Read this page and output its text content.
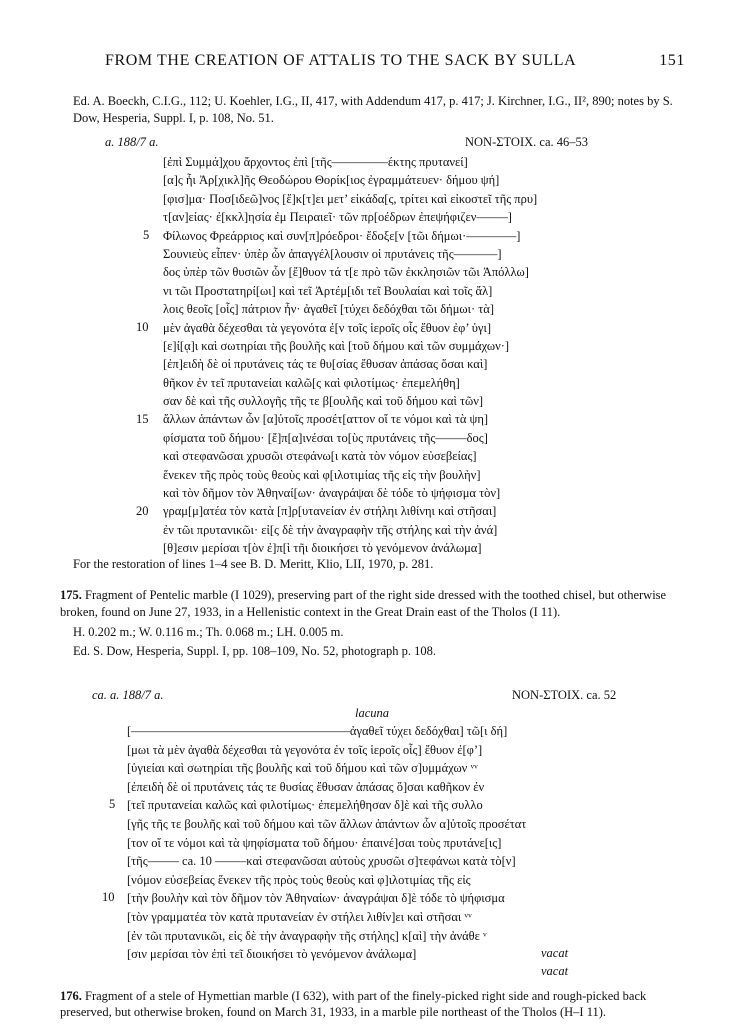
FROM THE CREATION OF ATTALIS TO THE SACK BY SULLA	151
Ed. A. Boeckh, C.I.G., 112; U. Koehler, I.G., II, 417, with Addendum 417, p. 417; J. Kirchner, I.G., II², 890; notes by S. Dow, Hesperia, Suppl. I, p. 108, No. 51.
a. 188/7 a.	ΝΟΝ-ΣΤΟΙΧ. ca. 46–53
[ἐπὶ Συμμά]χου ἄρχοντος ἐπὶ [τῆς–––––––––έκτης πρυτανεί]
[α]ς ἧι Ἀρ[χικλ]ῆς Θεοδώρου Θορίκ[ιος ἐγραμμάτευεν· δήμου ψή]
[φισ]μα· Ποσ[ιδεῶ]νος [ἕ]κ[τ]ει μετ’ εἰκάδα[ς, τρίτει καὶ εἰκοστεῖ τῆς πρυ]
τ[αν]είας· ἐ[κκλ]ησία ἐμ Πειραιεῖ· τῶν πρ[οέδρων ἐπεψήφιζεν–––––]
Φίλωνος Φρεάρριος καὶ συν[π]ρόεδροι· ἔδοξε[ν [τῶι δήμωι·––––––––]
Σουνιεὺς εἶπεν· ὑπὲρ ὧν ἀπαγγέλ[λουσιν οἱ πρυτάνεις τῆς–––––––]
δος ὑπὲρ τῶν θυσιῶν ὧν [ἔ]θυον τά τ[ε πρὸ τῶν ἐκκλησιῶν τῶι Ἀπόλλω]
νι τῶι Προστατηρί[ωι] καὶ τεῖ Ἀρτέμ[ιδι τεῖ Βουλαίαι καὶ τοῖς ἄλ]
λοις θεοῖς [οἷς] πάτριον ἦν· ἀγαθεῖ [τύχει δεδόχθαι τῶι δήμωι· τὰ]
μὲν ἀγαθὰ δέχεσθαι τὰ γεγονότα ἐ[ν τοῖς ἱεροῖς οἷς ἔθυον ἐφ’ ὑγι]
[ε]ί[ᾳ]ι καὶ σωτηρίαι τῆς βουλῆς καὶ [τοῦ δήμου καὶ τῶν συμμάχων·]
[ἐπ]ειδὴ δὲ οἱ πρυτάνεις τάς τε θυ[σίας ἔθυσαν ἁπάσας ὅσαι καὶ]
θῆκον ἐν τεῖ πρυτανείαι καλῶ[ς καὶ φιλοτίμως· ἐπεμελήθη]
σαν δὲ καὶ τῆς συλλογῆς τῆς τε β[ουλῆς καὶ τοῦ δήμου καὶ τῶν]
ἄλλων ἁπάντων ὧν [α]ὐτοῖς προσέτ[αττον οἵ τε νόμοι καὶ τὰ ψη]
φίσματα τοῦ δήμου· [ἔ]π[α]ινέσαι το[ὺς πρυτάνεις τῆς–––––δος]
καὶ στεφανῶσαι χρυσῶι στεφάνω[ι κατὰ τὸν νόμον εὐσεβείας]
ἕνεκεν τῆς πρὸς τοὺς θεοὺς καὶ φ[ιλοτιμίας τῆς εἰς τὴν βουλὴν]
καὶ τὸν δῆμον τὸν Ἀθηναί[ων· ἀναγράψαι δὲ τόδε τὸ ψήφισμα τὸν]
γραμ[μ]ατέα τὸν κατὰ [π]ρ[υτανείαν ἐν στήληι λιθίνηι καὶ στῆσαι]
ἐν τῶι πρυτανικῶι· εἰ[ς δὲ τὴν ἀναγραφὴν τῆς στήλης καὶ τὴν ἀνά]
[θ]εσιν μερίσαι τ[ὸν ἐ]π[ὶ τῆι διοικήσει τὸ γενόμενον ἀνάλωμα]
5
10
15
20
For the restoration of lines 1–4 see B. D. Meritt, Klio, LII, 1970, p. 281.
175. Fragment of Pentelic marble (I 1029), preserving part of the right side dressed with the toothed chisel, but otherwise broken, found on June 27, 1933, in a Hellenistic context in the Great Drain east of the Tholos (I 11).
H. 0.202 m.; W. 0.116 m.; Th. 0.068 m.; LH. 0.005 m.
Ed. S. Dow, Hesperia, Suppl. I, pp. 108–109, No. 52, photograph p. 108.
ca. a. 188/7 a.	ΝΟΝ-ΣΤΟΙΧ. ca. 52
lacuna
[–––––––––––––––––––––––––––––––––––ἀγαθεῖ τύχει δεδόχθαι] τῶ[ι δή]
[μωι τὰ μὲν ἀγαθὰ δέχεσθαι τὰ γεγονότα ἐν τοῖς ἱεροῖς οἷς] ἔθυον ἐ[φ’]
[ὑγιείαι καὶ σωτηρίαι τῆς βουλῆς καὶ τοῦ δήμου καὶ τῶν σ]υμμάχων ᵛᵛ
[ἐπειδὴ δὲ οἱ πρυτάνεις τάς τε θυσίας ἔθυσαν ἁπάσας ὅ]σαι καθῆκον ἐν
[τεῖ πρυτανείαι καλῶς καὶ φιλοτίμως· ἐπεμελήθησαν δ]ὲ καὶ τῆς συλλο
[γῆς τῆς τε βουλῆς καὶ τοῦ δήμου καὶ τῶν ἄλλων ἁπάντων ὧν α]ὐτοῖς προσέτατ
[τον οἵ τε νόμοι καὶ τὰ ψηφίσματα τοῦ δήμου· ἐπαινέ]σαι τοὺς πρυτάνε[ις]
[τῆς––––– ca. 10 –––––καὶ στεφανῶσαι αὐτοὺς χρυσῶι σ]τεφάνωι κατὰ τὸ[ν]
[νόμον εὐσεβείας ἕνεκεν τῆς πρὸς τοὺς θεοὺς καὶ φ]ιλοτιμίας τῆς εἰς
[τὴν βουλὴν καὶ τὸν δῆμον τὸν Ἀθηναίων· ἀναγράψαι δ]ὲ τόδε τὸ ψήφισμα
[τὸν γραμματέα τὸν κατὰ πρυτανείαν ἐν στήλει λιθίν]ει καὶ στῆσαι ᵛᵛ
[ἐν τῶι πρυτανικῶι, εἰς δὲ τὴν ἀναγραφὴν τῆς στήλης] κ[αὶ] τὴν ἀνάθε ᵛ
[σιν μερίσαι τὸν ἐπὶ τεῖ διοικήσει τὸ γενόμενον ἀνάλωμα]
5
10
vacat
vacat
176. Fragment of a stele of Hymettian marble (I 632), with part of the finely-picked right side and rough-picked back preserved, but otherwise broken, found on March 31, 1933, in a marble pile northeast of the Tholos (H–I 11).
